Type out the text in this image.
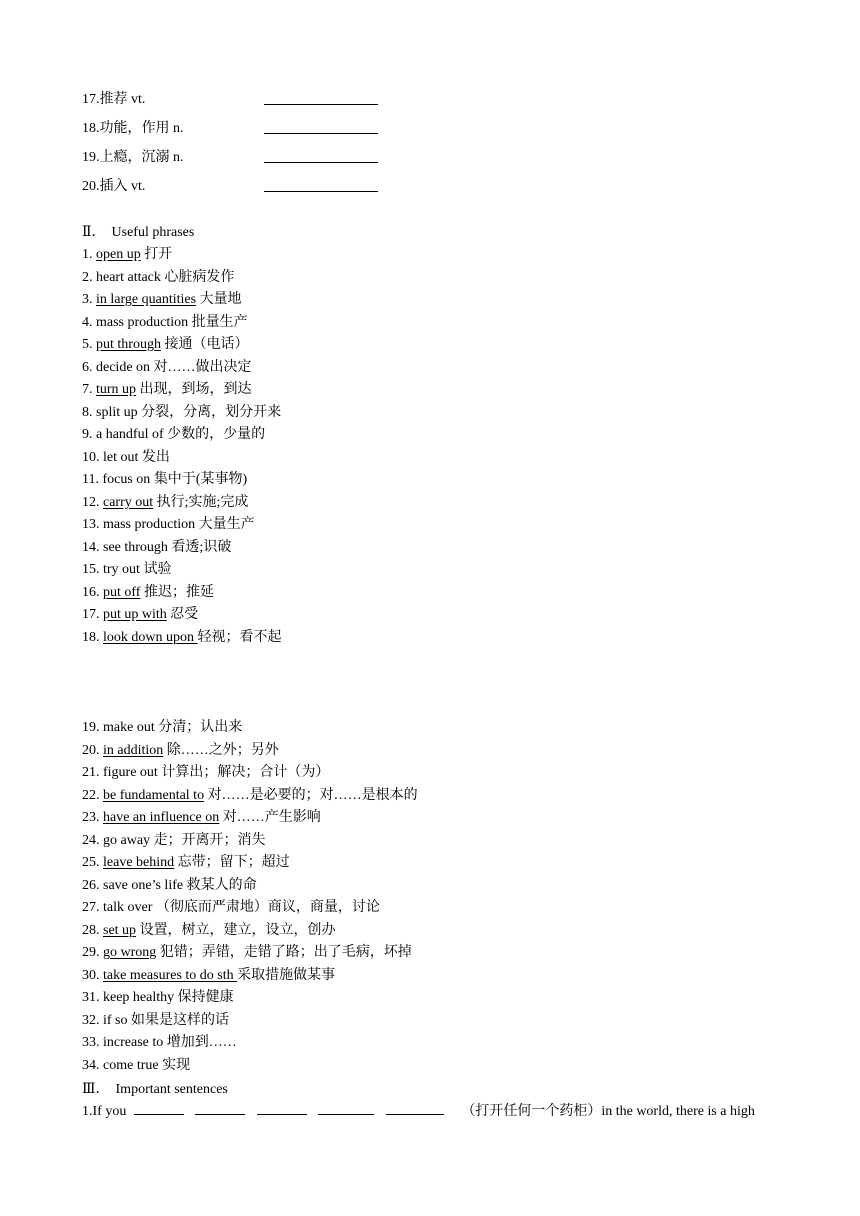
17.推荐 vt.
18.功能，作用 n.
19.上瘾，沉溺 n.
20.插入 vt.
Ⅱ． Useful phrases
1. open up 打开
2. heart attack 心脏病发作
3. in large quantities 大量地
4. mass production 批量生产
5. put through 接通（电话）
6. decide on 对……做出决定
7. turn up 出现，到场，到达
8. split up 分裂，分离，划分开来
9. a handful of 少数的，少量的
10. let out 发出
11. focus on 集中于(某事物)
12. carry out 执行;实施;完成
13. mass production 大量生产
14. see through 看透;识破
15. try out 试验
16. put off 推迟；推延
17. put up with 忍受
18. look down upon 轻视；看不起
19. make out 分清；认出来
20. in addition 除……之外；另外
21. figure out 计算出；解决；合计（为）
22. be fundamental to 对……是必要的；对……是根本的
23. have an influence on 对……产生影响
24. go away 走；开离开；消失
25. leave behind 忘带；留下；超过
26. save one’s life 救某人的命
27. talk over （彻底而严肃地）商议，商量，讨论
28. set up 设置，树立，建立，设立，创办
29. go wrong 犯错；弄错，走错了路；出了毛病，坏掉
30. take measures to do sth 采取措施做某事
31. keep healthy 保持健康
32. if so 如果是这样的话
33. increase to 增加到……
34. come true 实现
Ⅲ． Important sentences
1.If you	（打开任何一个药柜）in the world, there is a high
